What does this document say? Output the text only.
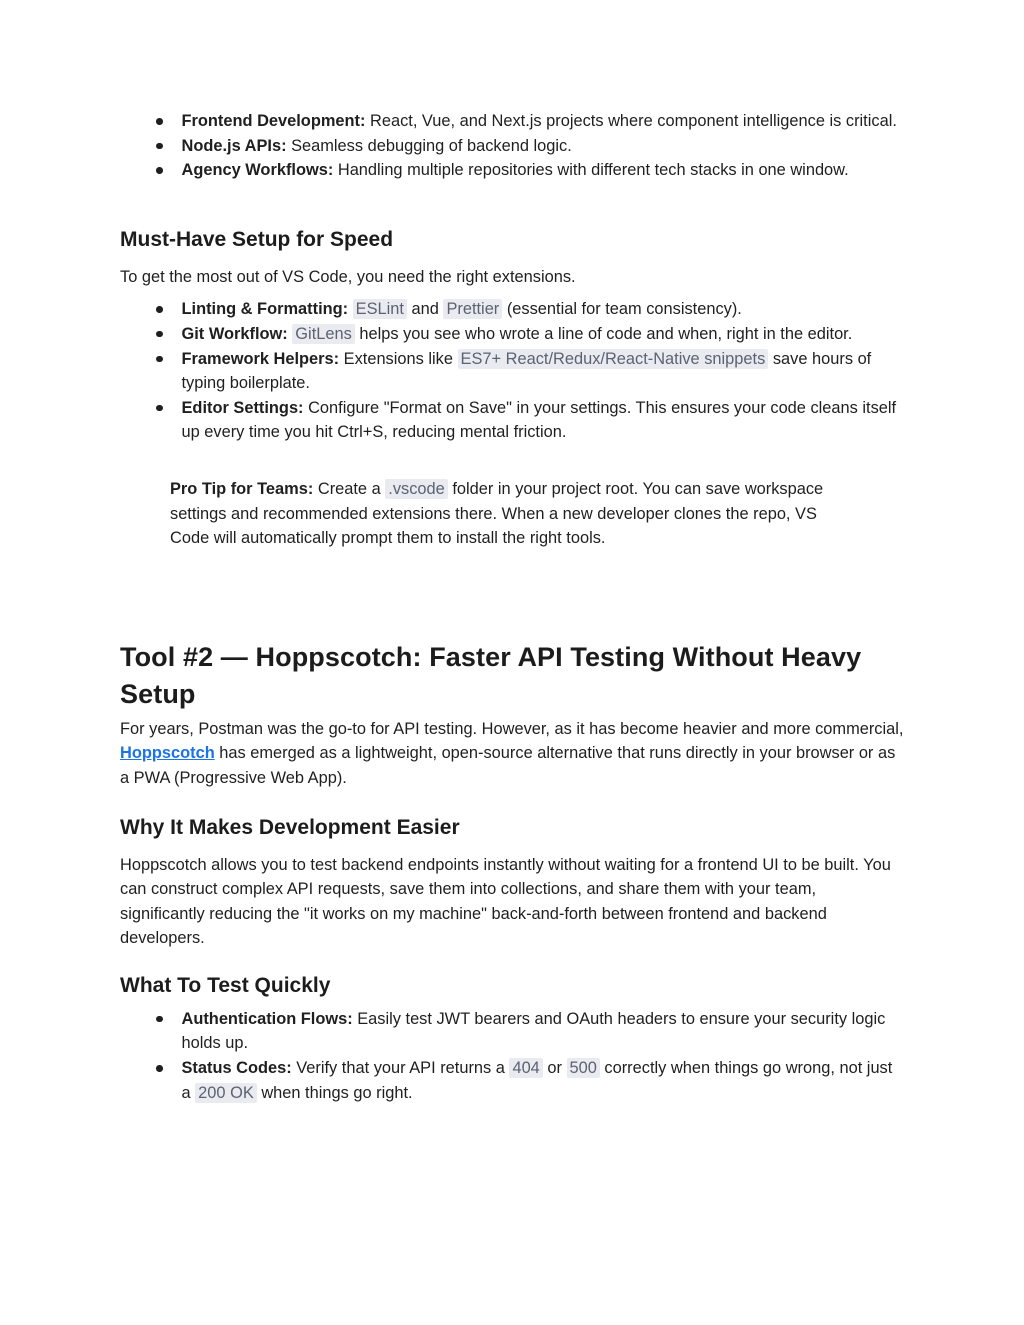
Frontend Development: React, Vue, and Next.js projects where component intelligence is critical.

Node.js APIs: Seamless debugging of backend logic.

Agency Workflows: Handling multiple repositories with different tech stacks in one window.

Must-Have Setup for Speed

To get the most out of VS Code, you need the right extensions.

Linting & Formatting: ESLint and Prettier (essential for team consistency).

Git Workflow: GitLens helps you see who wrote a line of code and when, right in the editor.

Framework Helpers: Extensions like ES7+ React/Redux/React-Native snippets save hours of typing boilerplate.

Editor Settings: Configure "Format on Save" in your settings. This ensures your code cleans itself up every time you hit Ctrl+S, reducing mental friction.

Pro Tip for Teams: Create a .vscode folder in your project root. You can save workspace settings and recommended extensions there. When a new developer clones the repo, VS Code will automatically prompt them to install the right tools.

Tool #2 — Hoppscotch: Faster API Testing Without Heavy Setup

For years, Postman was the go-to for API testing. However, as it has become heavier and more commercial, Hoppscotch has emerged as a lightweight, open-source alternative that runs directly in your browser or as a PWA (Progressive Web App).

Why It Makes Development Easier

Hoppscotch allows you to test backend endpoints instantly without waiting for a frontend UI to be built. You can construct complex API requests, save them into collections, and share them with your team, significantly reducing the "it works on my machine" back-and-forth between frontend and backend developers.

What To Test Quickly

Authentication Flows: Easily test JWT bearers and OAuth headers to ensure your security logic holds up.

Status Codes: Verify that your API returns a 404 or 500 correctly when things go wrong, not just a 200 OK when things go right.
